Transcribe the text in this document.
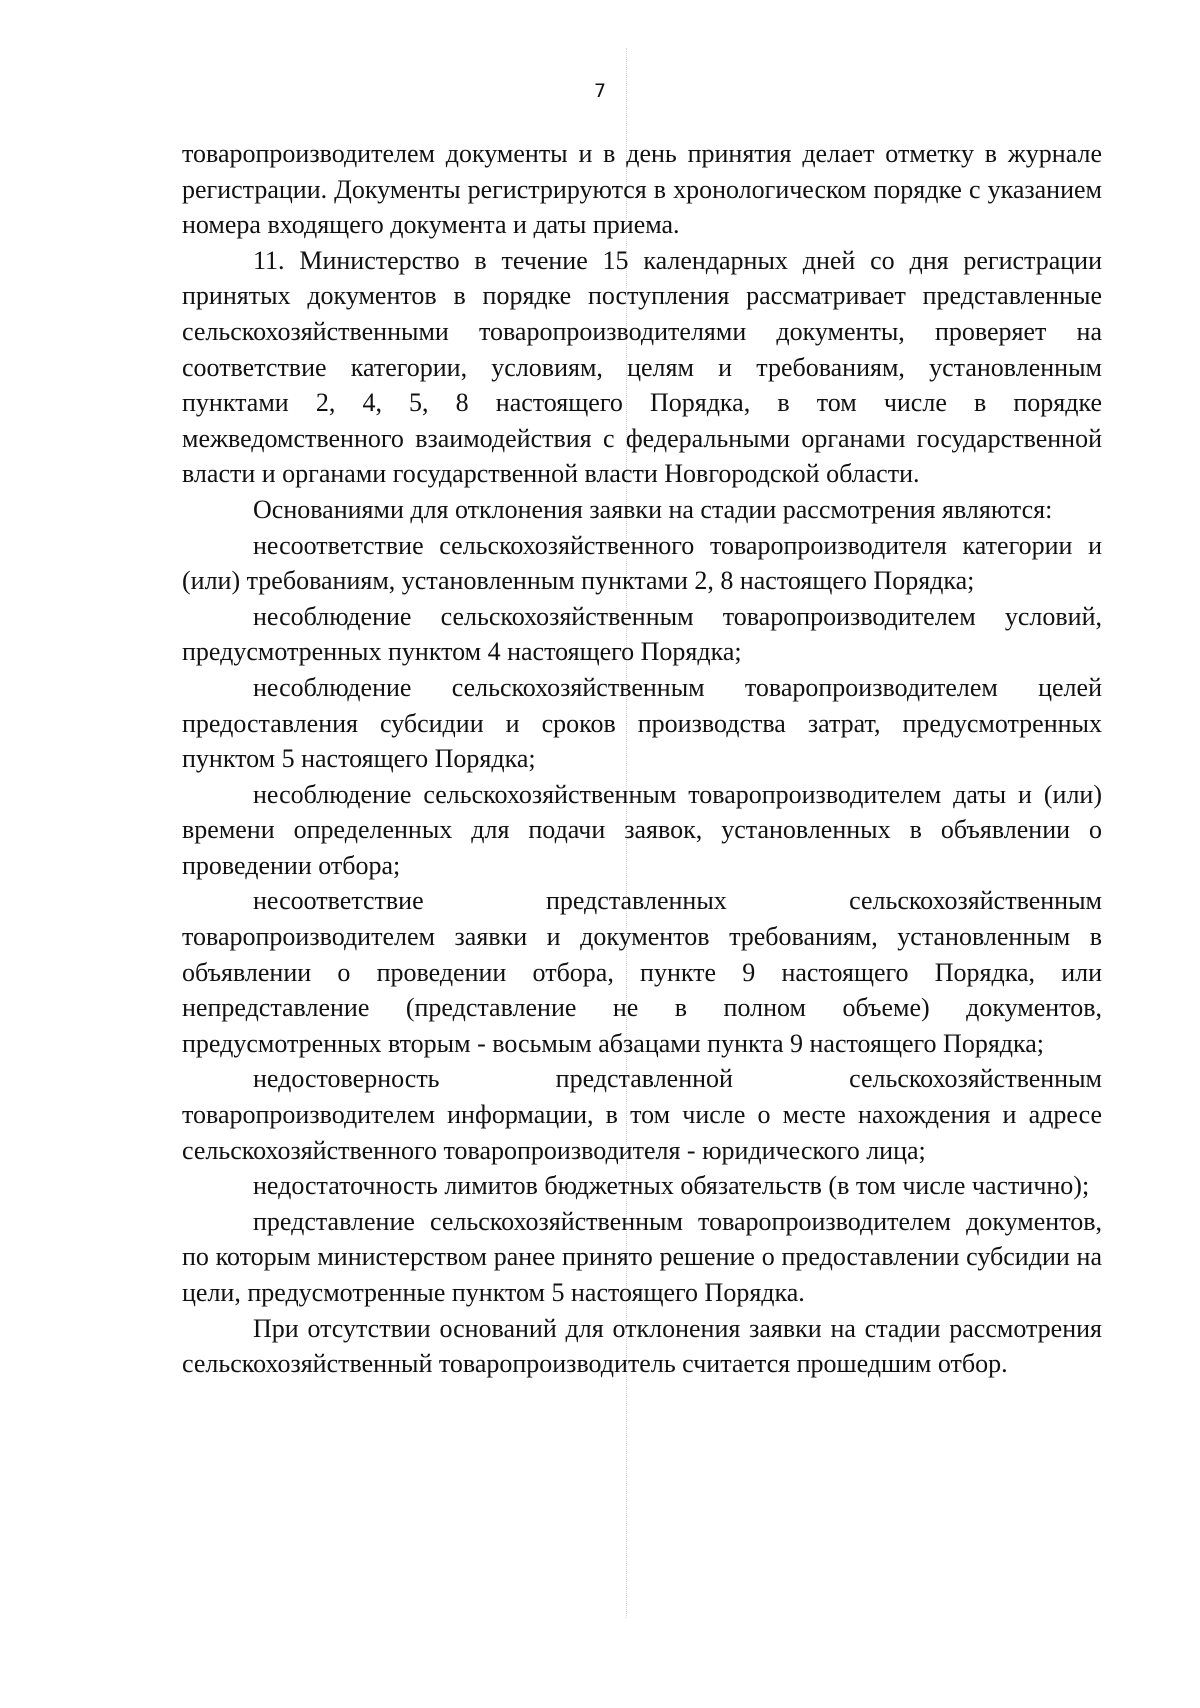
7

товаропроизводителем документы и в день принятия делает отметку в журнале регистрации. Документы регистрируются в хронологическом порядке с указанием номера входящего документа и даты приема.

11. Министерство в течение 15 календарных дней со дня регистрации принятых документов в порядке поступления рассматривает представленные сельскохозяйственными товаропроизводителями документы, проверяет на соответствие категории, условиям, целям и требованиям, установленным пунктами 2, 4, 5, 8 настоящего Порядка, в том числе в порядке межведомственного взаимодействия с федеральными органами государственной власти и органами государственной власти Новгородской области.

Основаниями для отклонения заявки на стадии рассмотрения являются:

несоответствие сельскохозяйственного товаропроизводителя категории и (или) требованиям, установленным пунктами 2, 8 настоящего Порядка;

несоблюдение сельскохозяйственным товаропроизводителем условий, предусмотренных пунктом 4 настоящего Порядка;

несоблюдение сельскохозяйственным товаропроизводителем целей предоставления субсидии и сроков производства затрат, предусмотренных пунктом 5 настоящего Порядка;

несоблюдение сельскохозяйственным товаропроизводителем даты и (или) времени определенных для подачи заявок, установленных в объявлении о проведении отбора;

несоответствие представленных сельскохозяйственным товаропроизводителем заявки и документов требованиям, установленным в объявлении о проведении отбора, пункте 9 настоящего Порядка, или непредставление (представление не в полном объеме) документов, предусмотренных вторым - восьмым абзацами пункта 9 настоящего Порядка;

недостоверность представленной сельскохозяйственным товаропроизводителем информации, в том числе о месте нахождения и адресе сельскохозяйственного товаропроизводителя - юридического лица;

недостаточность лимитов бюджетных обязательств (в том числе частично);

представление сельскохозяйственным товаропроизводителем документов, по которым министерством ранее принято решение о предоставлении субсидии на цели, предусмотренные пунктом 5 настоящего Порядка.

При отсутствии оснований для отклонения заявки на стадии рассмотрения сельскохозяйственный товаропроизводитель считается прошедшим отбор.
